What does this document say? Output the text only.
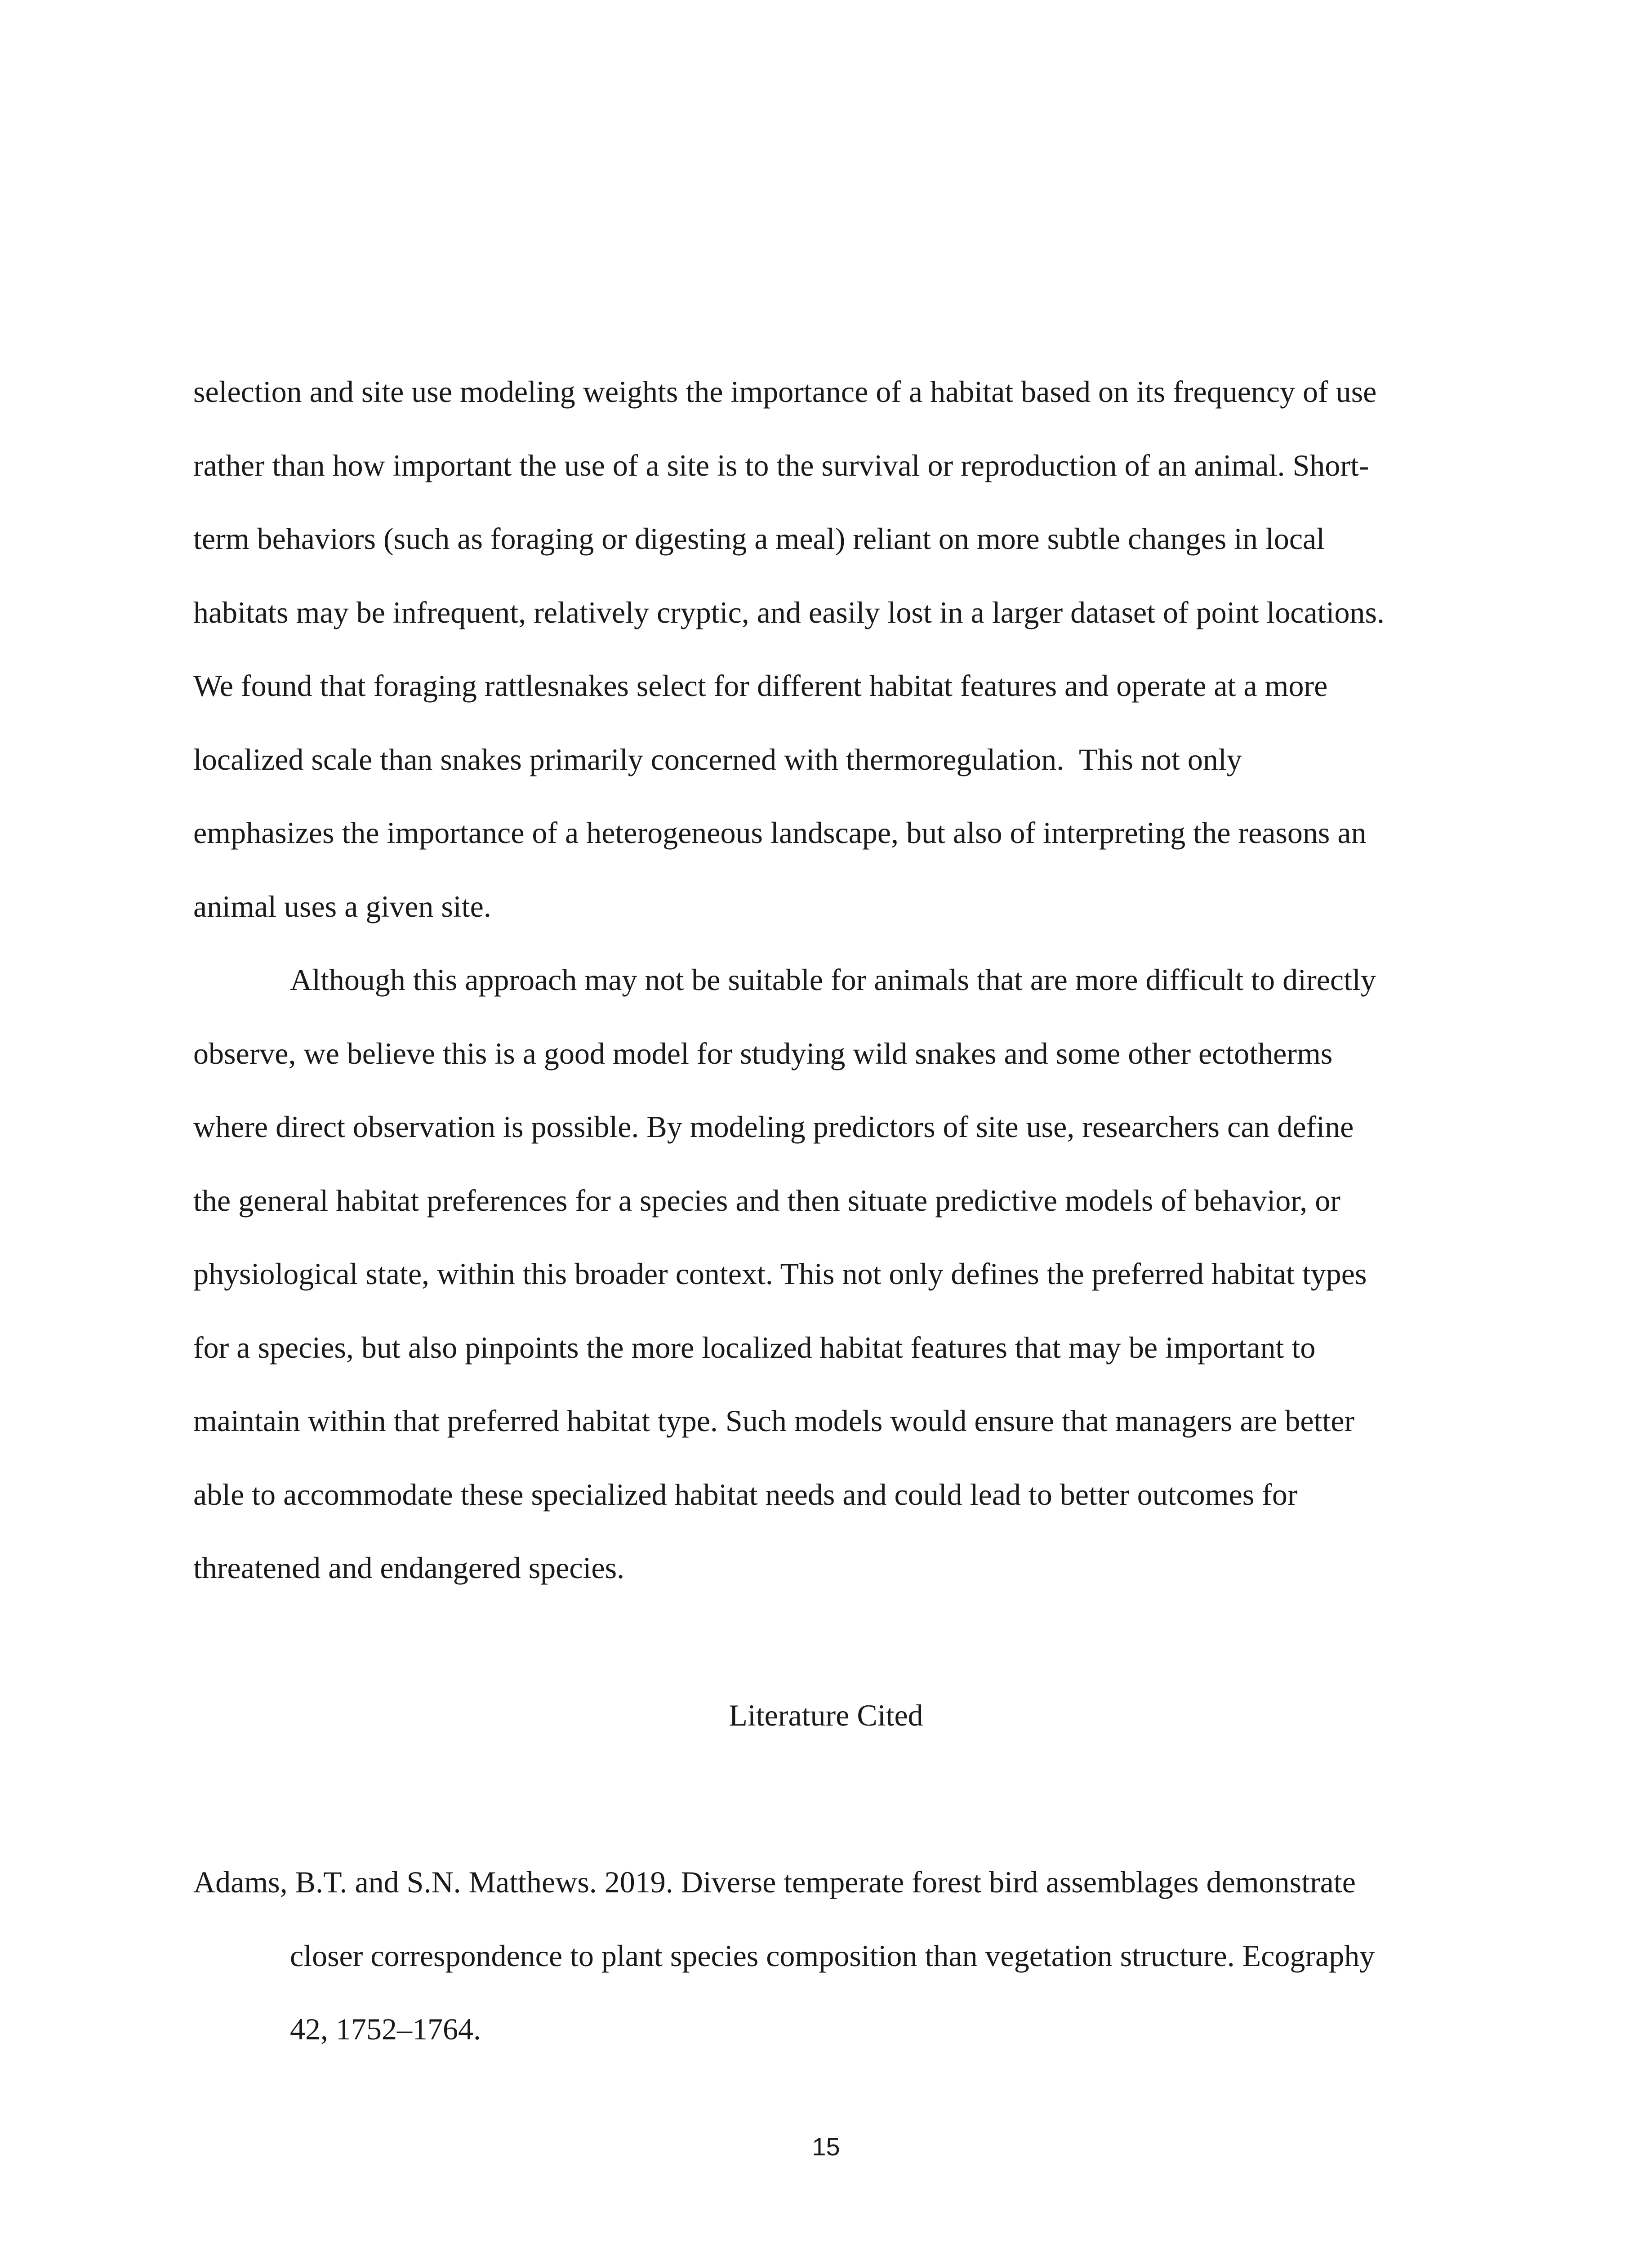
selection and site use modeling weights the importance of a habitat based on its frequency of use
rather than how important the use of a site is to the survival or reproduction of an animal. Short-
term behaviors (such as foraging or digesting a meal) reliant on more subtle changes in local
habitats may be infrequent, relatively cryptic, and easily lost in a larger dataset of point locations.
We found that foraging rattlesnakes select for different habitat features and operate at a more
localized scale than snakes primarily concerned with thermoregulation.  This not only
emphasizes the importance of a heterogeneous landscape, but also of interpreting the reasons an
animal uses a given site.
Although this approach may not be suitable for animals that are more difficult to directly
observe, we believe this is a good model for studying wild snakes and some other ectotherms
where direct observation is possible. By modeling predictors of site use, researchers can define
the general habitat preferences for a species and then situate predictive models of behavior, or
physiological state, within this broader context. This not only defines the preferred habitat types
for a species, but also pinpoints the more localized habitat features that may be important to
maintain within that preferred habitat type. Such models would ensure that managers are better
able to accommodate these specialized habitat needs and could lead to better outcomes for
threatened and endangered species.
Literature Cited
Adams, B.T. and S.N. Matthews. 2019. Diverse temperate forest bird assemblages demonstrate
closer correspondence to plant species composition than vegetation structure. Ecography
42, 1752–1764.
15
